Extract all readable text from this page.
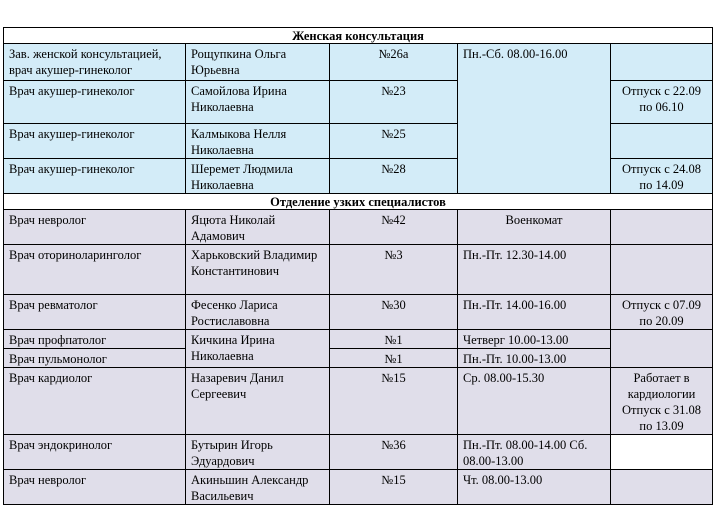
Женская консультация				
Зав. женской консультацией, врач акушер-гинеколог	Рощупкина Ольга Юрьевна	№26а	Пн.-Сб. 08.00-16.00	
Врач акушер-гинеколог	Самойлова Ирина Николаевна	№23		Отпуск с 22.09 по 06.10
Врач акушер-гинеколог	Калмыкова Нелля Николаевна	№25		
Врач акушер-гинеколог	Шеремет Людмила Николаевна	№28		Отпуск с 24.08 по 14.09
Отделение узких специалистов				
Врач невролог	Яцюта Николай Адамович	№42	Военкомат	
Врач оториноларинголог	Харьковский Владимир Константинович	№3	Пн.-Пт. 12.30-14.00	
Врач ревматолог	Фесенко Лариса Ростиславовна	№30	Пн.-Пт. 14.00-16.00	Отпуск с 07.09 по 20.09
Врач профпатолог	Кичкина Ирина Николаевна	№1	Четверг 10.00-13.00	
Врач пульмонолог		№1	Пн.-Пт. 10.00-13.00	
Врач кардиолог	Назаревич Данил Сергеевич	№15	Ср. 08.00-15.30	Работает в кардиологии Отпуск с 31.08 по 13.09
Врач эндокринолог	Бутырин Игорь Эдуардович	№36	Пн.-Пт. 08.00-14.00 Сб. 08.00-13.00	
Врач невролог	Акиньшин Александр Васильевич	№15	Чт. 08.00-13.00	
